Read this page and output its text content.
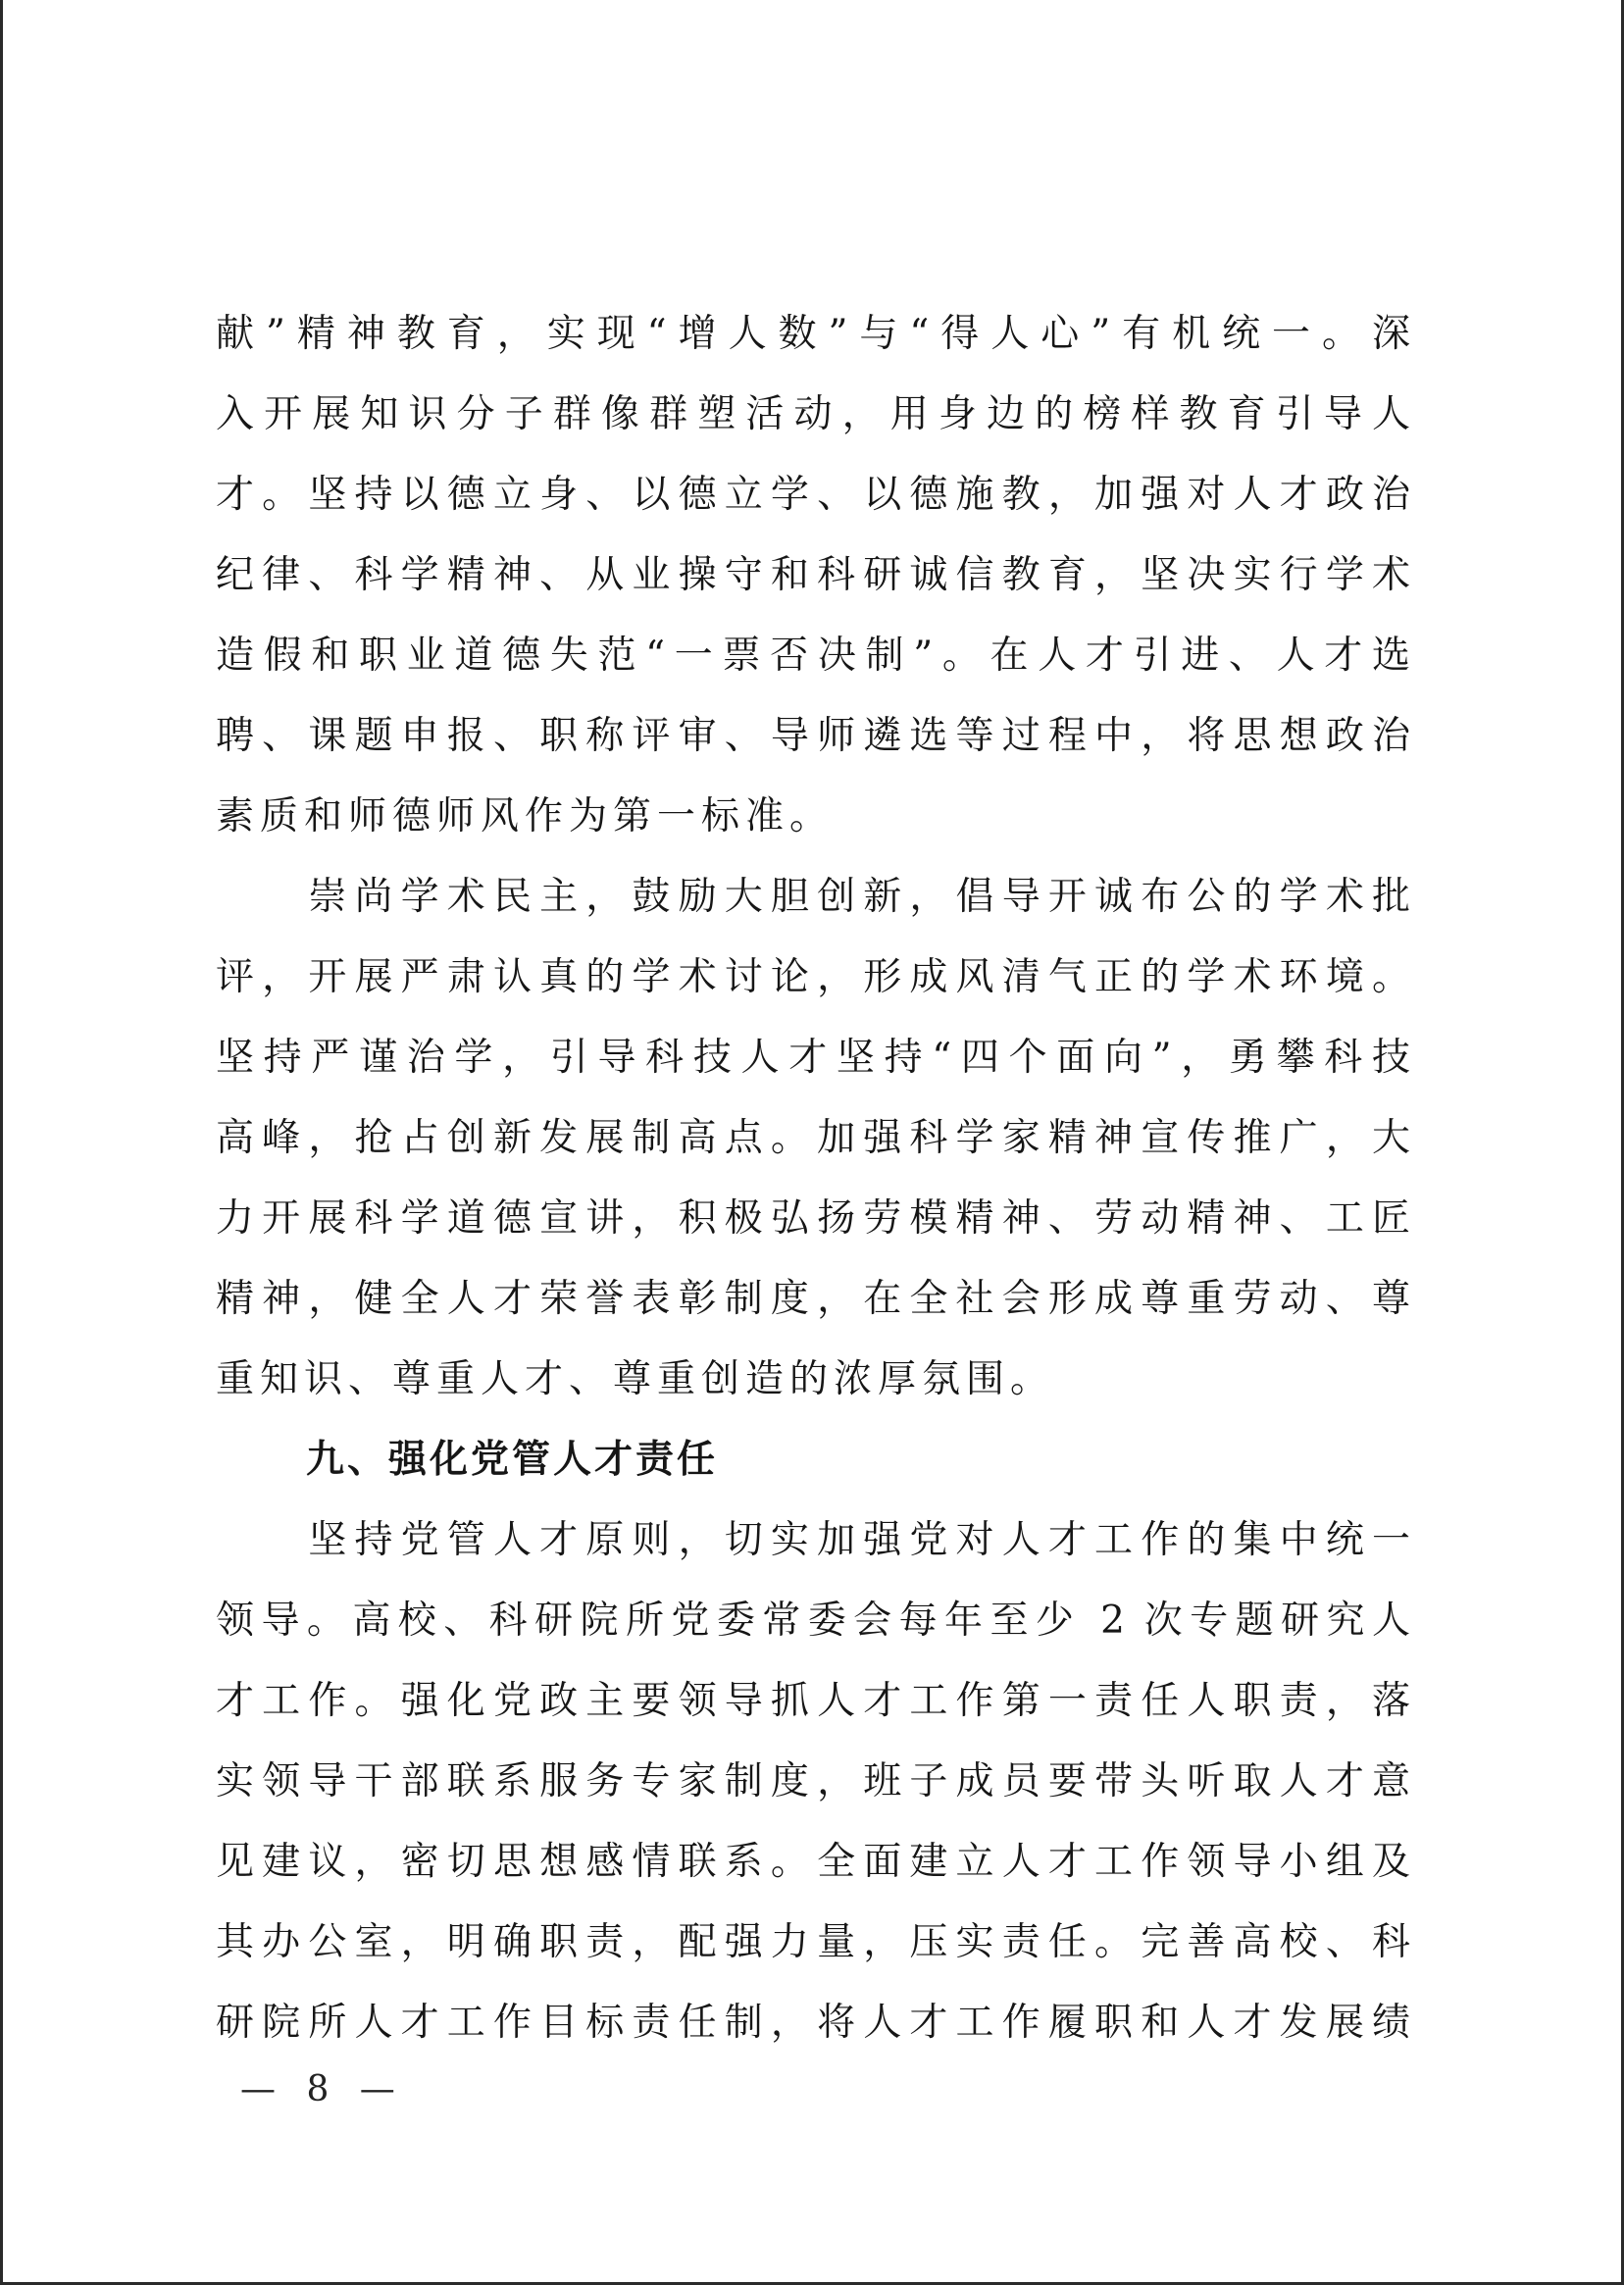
献”精神教育，实现“增人数”与“得人心”有机统一。深
入开展知识分子群像群塑活动，用身边的榜样教育引导人
才。坚持以德立身、以德立学、以德施教，加强对人才政治
纪律、科学精神、从业操守和科研诚信教育，坚决实行学术
造假和职业道德失范“一票否决制”。在人才引进、人才选
聘、课题申报、职称评审、导师遴选等过程中，将思想政治
素质和师德师风作为第一标准。
　　崇尚学术民主，鼓励大胆创新，倡导开诚布公的学术批
评，开展严肃认真的学术讨论，形成风清气正的学术环境。
坚持严谨治学，引导科技人才坚持“四个面向”，勇攀科技
高峰，抢占创新发展制高点。加强科学家精神宣传推广，大
力开展科学道德宣讲，积极弘扬劳模精神、劳动精神、工匠
精神，健全人才荣誉表彰制度，在全社会形成尊重劳动、尊
重知识、尊重人才、尊重创造的浓厚氛围。
九、强化党管人才责任
　　坚持党管人才原则，切实加强党对人才工作的集中统一
领导。高校、科研院所党委常委会每年至少 2 次专题研究人
才工作。强化党政主要领导抓人才工作第一责任人职责，落
实领导干部联系服务专家制度，班子成员要带头听取人才意
见建议，密切思想感情联系。全面建立人才工作领导小组及
其办公室，明确职责，配强力量，压实责任。完善高校、科
研院所人才工作目标责任制，将人才工作履职和人才发展绩
— 8 —
